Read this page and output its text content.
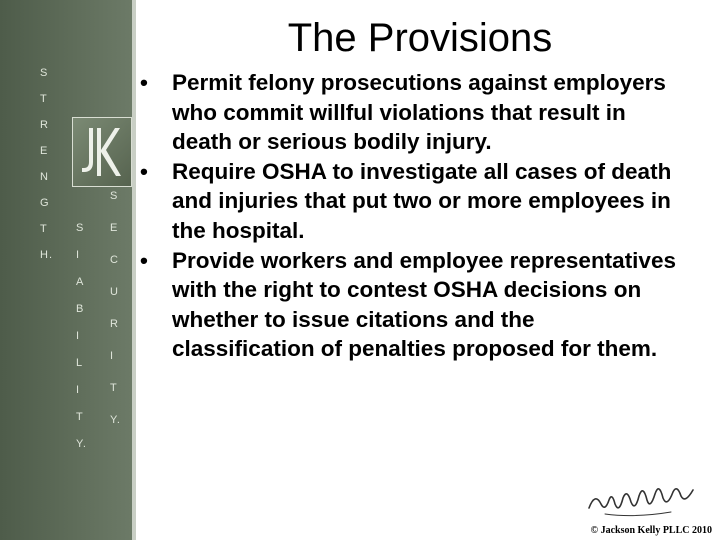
S
T
R
E
N
G
T
H.
S
I
A
B
I
L
I
T
Y.
S
E
C
U
R
I
T
Y.
The Provisions
• Permit felony prosecutions against employers who commit willful violations that result in death or serious bodily injury.
• Require OSHA to investigate all cases of death and injuries that put two or more employees in the hospital.
• Provide workers and employee representatives with the right to contest OSHA decisions on whether to issue citations and the classification of penalties proposed for them.
© Jackson Kelly PLLC 2010
